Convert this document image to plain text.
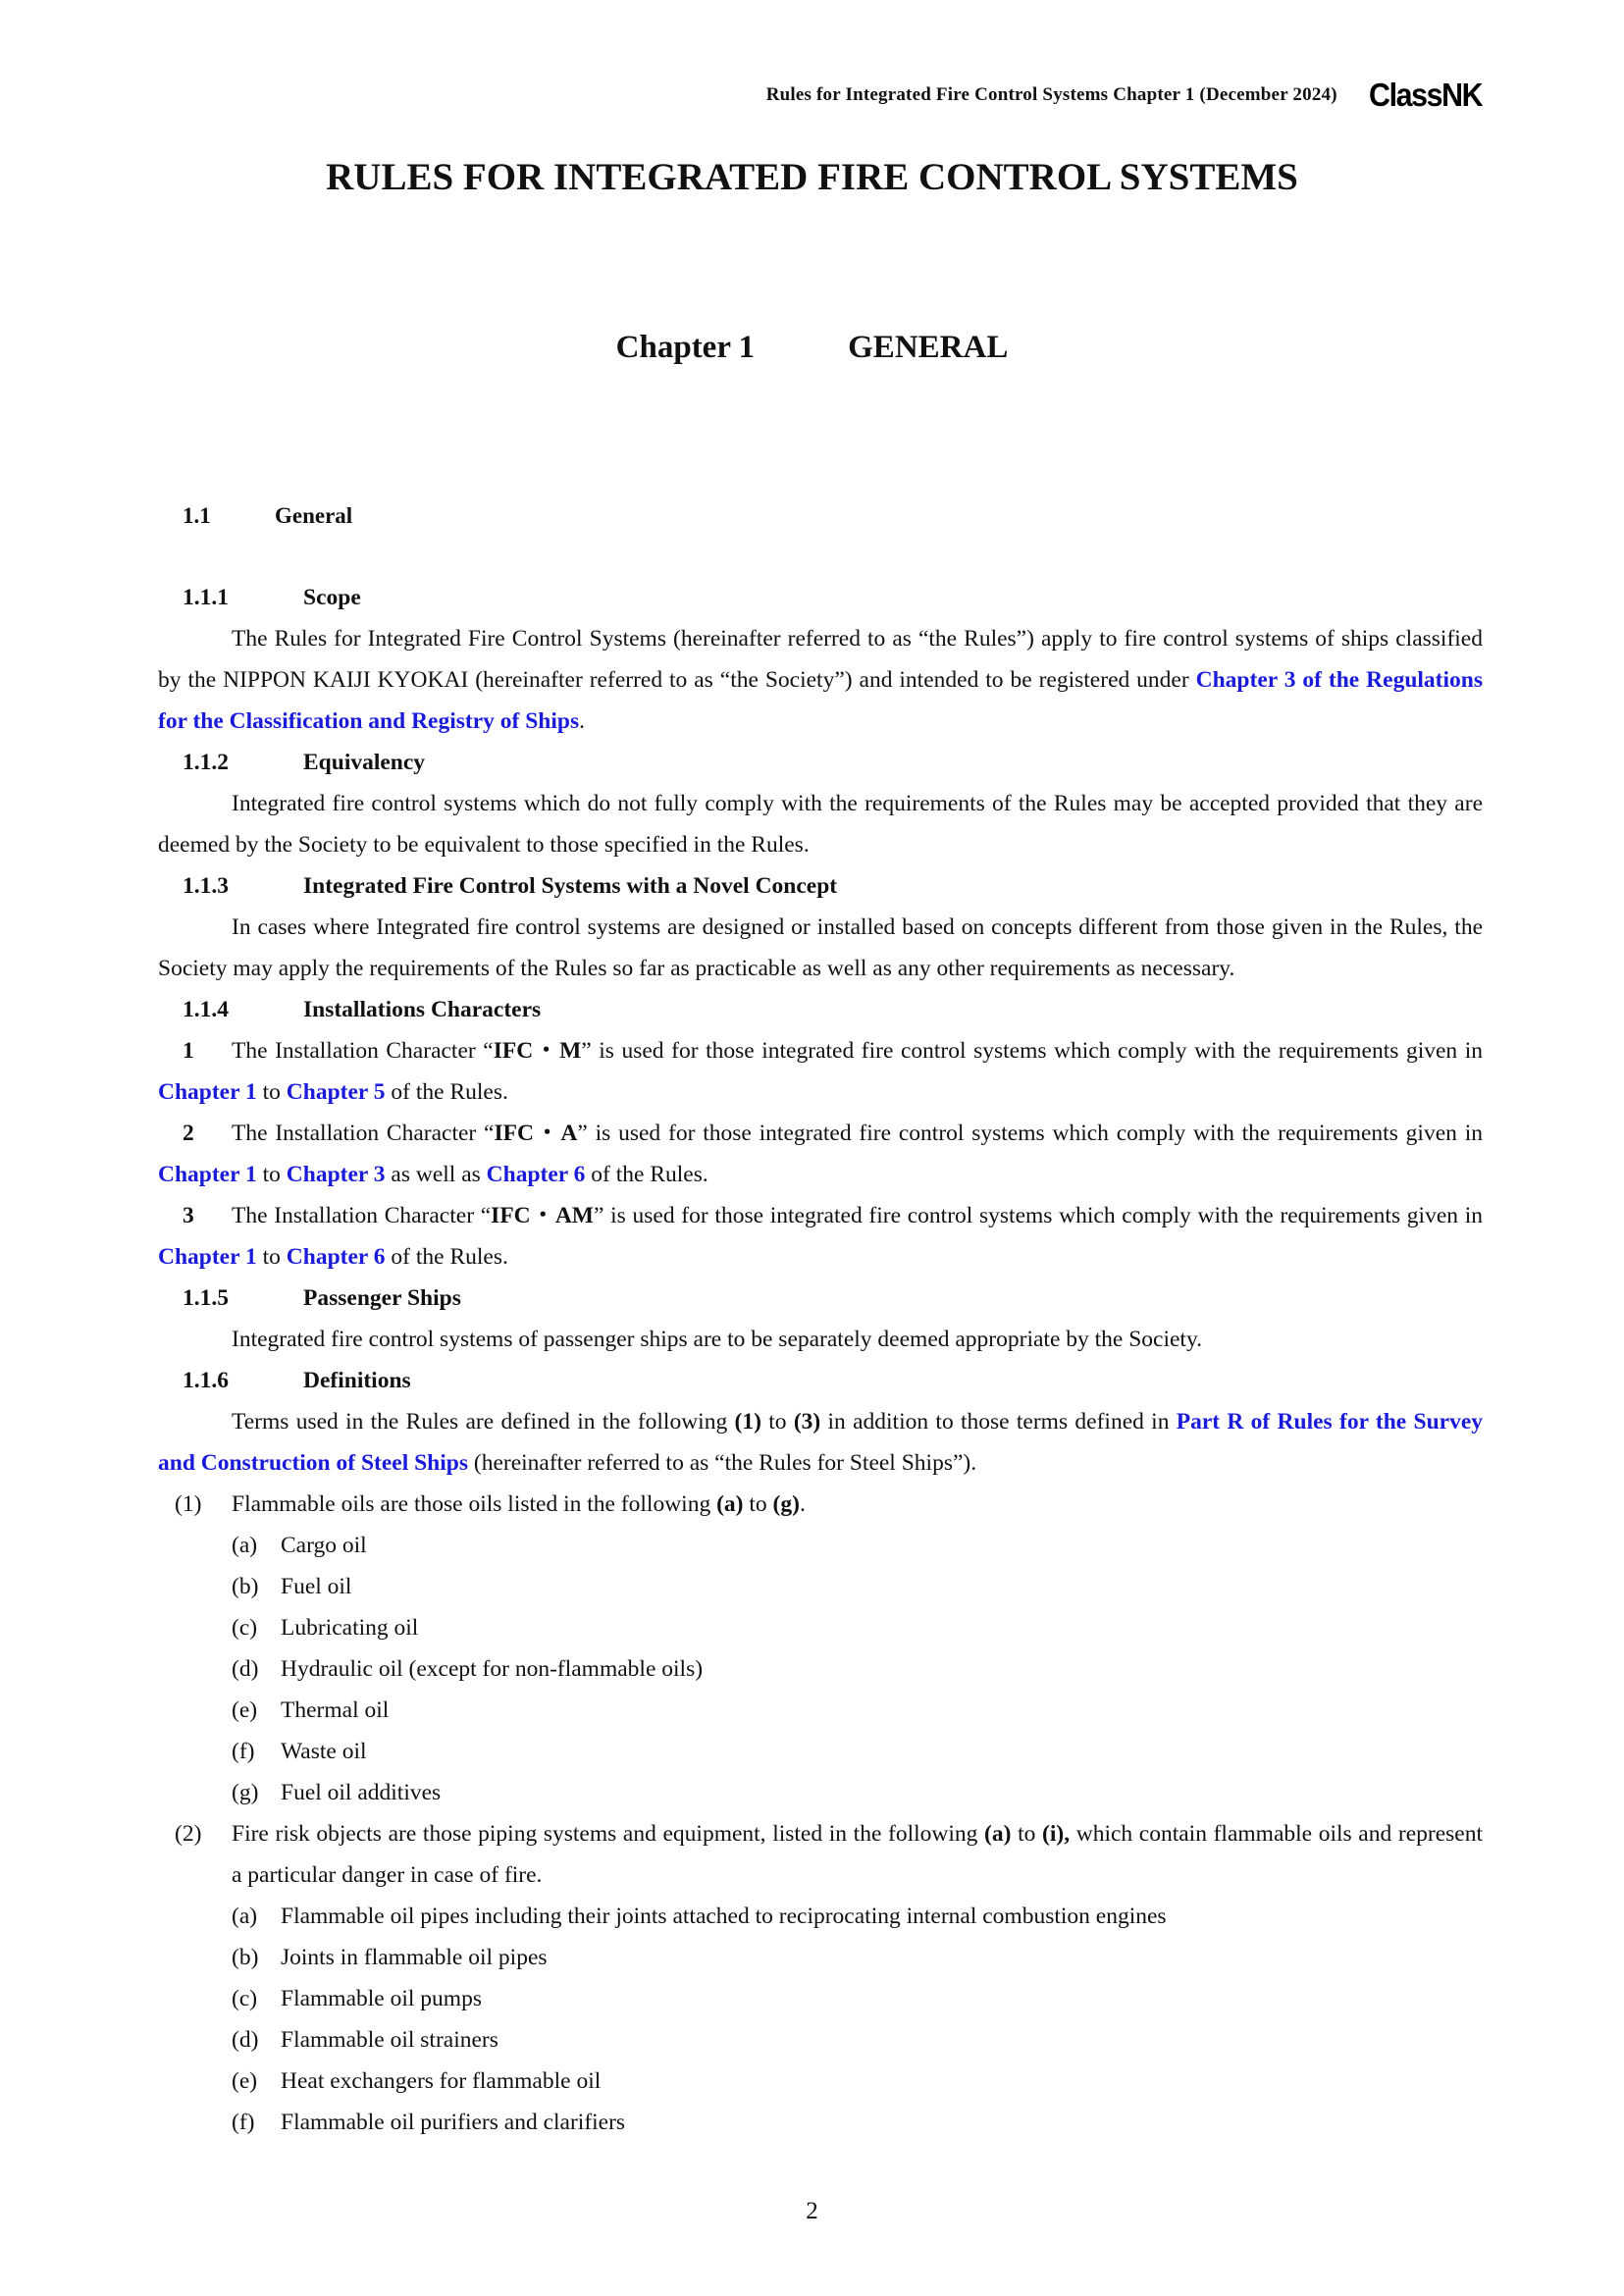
Rules for Integrated Fire Control Systems Chapter 1 (December 2024) ClassNK
RULES FOR INTEGRATED FIRE CONTROL SYSTEMS
Chapter 1	GENERAL
1.1	General
1.1.1	Scope
The Rules for Integrated Fire Control Systems (hereinafter referred to as “the Rules”) apply to fire control systems of ships classified by the NIPPON KAIJI KYOKAI (hereinafter referred to as “the Society”) and intended to be registered under Chapter 3 of the Regulations for the Classification and Registry of Ships.
1.1.2	Equivalency
Integrated fire control systems which do not fully comply with the requirements of the Rules may be accepted provided that they are deemed by the Society to be equivalent to those specified in the Rules.
1.1.3	Integrated Fire Control Systems with a Novel Concept
In cases where Integrated fire control systems are designed or installed based on concepts different from those given in the Rules, the Society may apply the requirements of the Rules so far as practicable as well as any other requirements as necessary.
1.1.4	Installations Characters
1 The Installation Character “IFC・M” is used for those integrated fire control systems which comply with the requirements given in Chapter 1 to Chapter 5 of the Rules.
2 The Installation Character “IFC・A” is used for those integrated fire control systems which comply with the requirements given in Chapter 1 to Chapter 3 as well as Chapter 6 of the Rules.
3 The Installation Character “IFC・AM” is used for those integrated fire control systems which comply with the requirements given in Chapter 1 to Chapter 6 of the Rules.
1.1.5	Passenger Ships
Integrated fire control systems of passenger ships are to be separately deemed appropriate by the Society.
1.1.6	Definitions
Terms used in the Rules are defined in the following (1) to (3) in addition to those terms defined in Part R of Rules for the Survey and Construction of Steel Ships (hereinafter referred to as “the Rules for Steel Ships”).
(1)	Flammable oils are those oils listed in the following (a) to (g).
(a)	Cargo oil
(b) Fuel oil
(c)	Lubricating oil
(d) Hydraulic oil (except for non-flammable oils)
(e)	Thermal oil
(f)	Waste oil
(g) Fuel oil additives
(2)	Fire risk objects are those piping systems and equipment, listed in the following (a) to (i), which contain flammable oils and represent a particular danger in case of fire.
(a)	Flammable oil pipes including their joints attached to reciprocating internal combustion engines
(b) Joints in flammable oil pipes
(c)	Flammable oil pumps
(d) Flammable oil strainers
(e)	Heat exchangers for flammable oil
(f)	Flammable oil purifiers and clarifiers
2
